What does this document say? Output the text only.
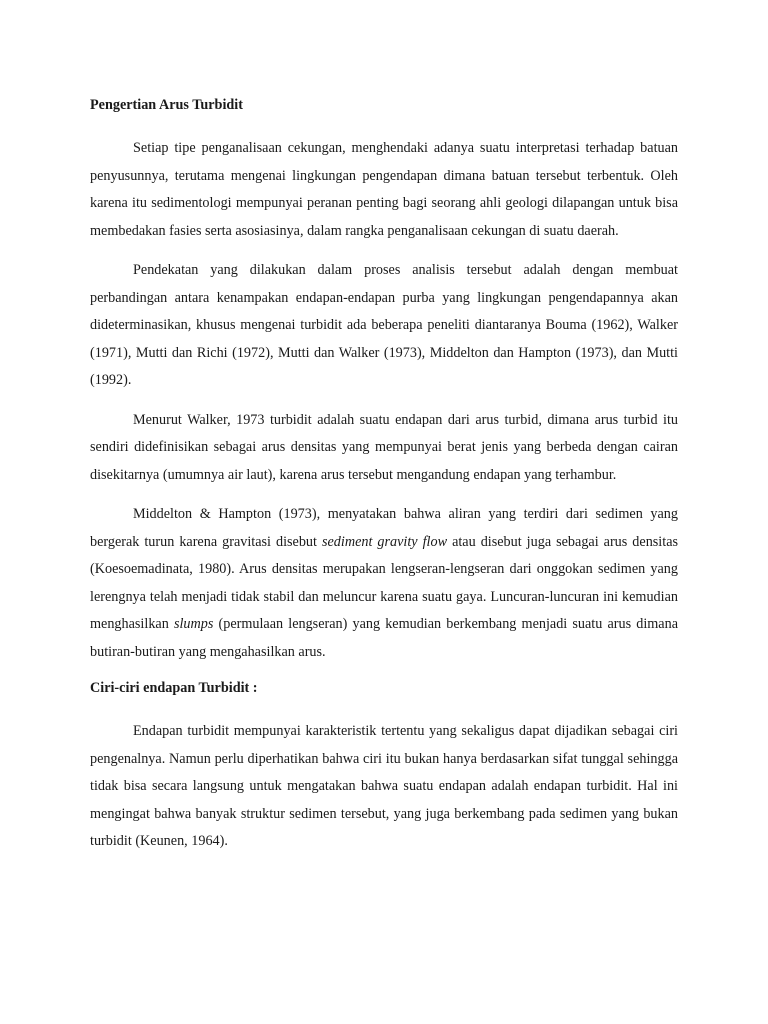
Pengertian Arus Turbidit

Setiap tipe penganalisaan cekungan, menghendaki adanya suatu interpretasi terhadap batuan penyusunnya, terutama mengenai lingkungan pengendapan dimana batuan tersebut terbentuk. Oleh karena itu sedimentologi mempunyai peranan penting bagi seorang ahli geologi dilapangan untuk bisa membedakan fasies serta asosiasinya, dalam rangka penganalisaan cekungan di suatu daerah.

Pendekatan yang dilakukan dalam proses analisis tersebut adalah dengan membuat perbandingan antara kenampakan endapan-endapan purba yang lingkungan pengendapannya akan dideterminasikan, khusus mengenai turbidit ada beberapa peneliti diantaranya Bouma (1962), Walker (1971), Mutti dan Richi (1972), Mutti dan Walker (1973), Middelton dan Hampton (1973), dan Mutti (1992).

Menurut Walker, 1973 turbidit adalah suatu endapan dari arus turbid, dimana arus turbid itu sendiri didefinisikan sebagai arus densitas yang mempunyai berat jenis yang berbeda dengan cairan disekitarnya (umumnya air laut), karena arus tersebut mengandung endapan yang terhambur.

Middelton & Hampton (1973), menyatakan bahwa aliran yang terdiri dari sedimen yang bergerak turun karena gravitasi disebut sediment gravity flow atau disebut juga sebagai arus densitas (Koesoemadinata, 1980). Arus densitas merupakan lengseran-lengseran dari onggokan sedimen yang lerengnya telah menjadi tidak stabil dan meluncur karena suatu gaya. Luncuran-luncuran ini kemudian menghasilkan slumps (permulaan lengseran) yang kemudian berkembang menjadi suatu arus dimana butiran-butiran yang mengahasilkan arus.

Ciri-ciri endapan Turbidit :

Endapan turbidit mempunyai karakteristik tertentu yang sekaligus dapat dijadikan sebagai ciri pengenalnya. Namun perlu diperhatikan bahwa ciri itu bukan hanya berdasarkan sifat tunggal sehingga tidak bisa secara langsung untuk mengatakan bahwa suatu endapan adalah endapan turbidit. Hal ini mengingat bahwa banyak struktur sedimen tersebut, yang juga berkembang pada sedimen yang bukan turbidit (Keunen, 1964).
